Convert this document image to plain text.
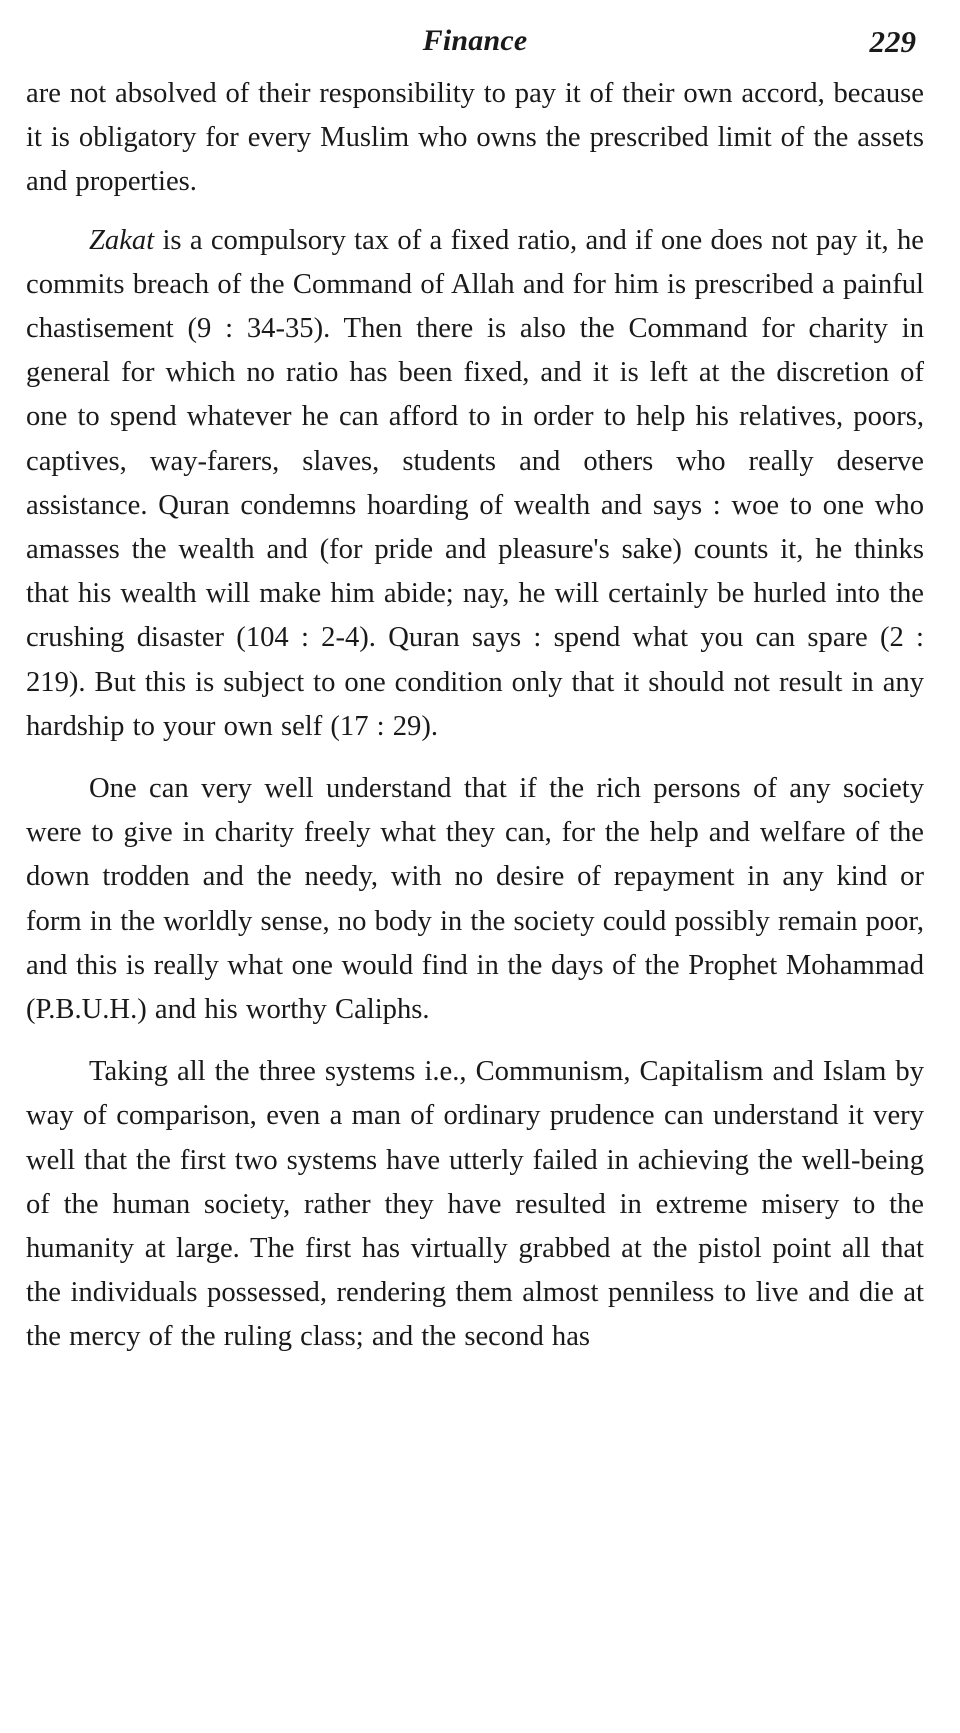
Finance	229

are not absolved of their responsibility to pay it of their own accord, because it is obligatory for every Muslim who owns the prescribed limit of the assets and properties.

Zakat is a compulsory tax of a fixed ratio, and if one does not pay it, he commits breach of the Command of Allah and for him is prescribed a painful chastisement (9 : 34-35). Then there is also the Command for charity in general for which no ratio has been fixed, and it is left at the discretion of one to spend whatever he can afford to in order to help his relatives, poors, captives, way-farers, slaves, students and others who really deserve assistance. Quran condemns hoarding of wealth and says : woe to one who amasses the wealth and (for pride and pleasure's sake) counts it, he thinks that his wealth will make him abide; nay, he will certainly be hurled into the crushing disaster (104 : 2-4). Quran says : spend what you can spare (2 : 219). But this is subject to one condition only that it should not result in any hardship to your own self (17 : 29).

One can very well understand that if the rich persons of any society were to give in charity freely what they can, for the help and welfare of the down trodden and the needy, with no desire of repayment in any kind or form in the worldly sense, no body in the society could possibly remain poor, and this is really what one would find in the days of the Prophet Mohammad (P.B.U.H.) and his worthy Caliphs.

Taking all the three systems i.e., Communism, Capitalism and Islam by way of comparison, even a man of ordinary prudence can understand it very well that the first two systems have utterly failed in achieving the well-being of the human society, rather they have resulted in extreme misery to the humanity at large. The first has virtually grabbed at the pistol point all that the individuals possessed, rendering them almost penniless to live and die at the mercy of the ruling class; and the second has
